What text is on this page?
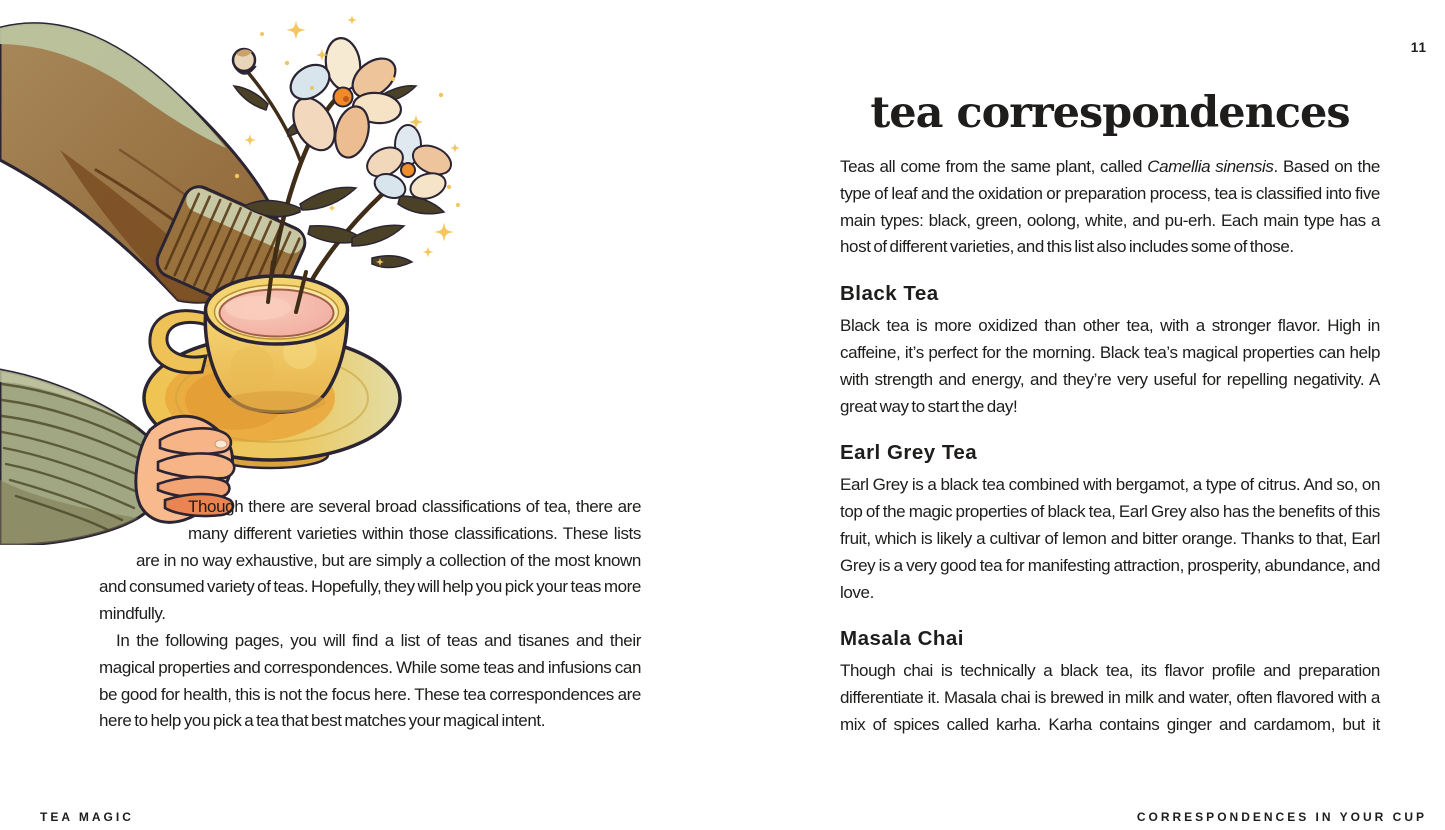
Though there are several broad classifications of tea, there are many different varieties within those classifications. These lists are in no way exhaustive, but are simply a collection of the most known and consumed variety of teas. Hopefully, they will help you pick your teas more mindfully.

In the following pages, you will find a list of teas and tisanes and their magical properties and correspondences. While some teas and infusions can be good for health, this is not the focus here. These tea correspondences are here to help you pick a tea that best matches your magical intent.

TEA MAGIC
11
tea correspondences

Teas all come from the same plant, called Camellia sinensis. Based on the type of leaf and the oxidation or preparation process, tea is classified into five main types: black, green, oolong, white, and pu-erh. Each main type has a host of different varieties, and this list also includes some of those.

Black Tea

Black tea is more oxidized than other tea, with a stronger flavor. High in caffeine, it’s perfect for the morning. Black tea’s magical properties can help with strength and energy, and they’re very useful for repelling negativity. A great way to start the day!

Earl Grey Tea

Earl Grey is a black tea combined with bergamot, a type of citrus. And so, on top of the magic properties of black tea, Earl Grey also has the benefits of this fruit, which is likely a cultivar of lemon and bitter orange. Thanks to that, Earl Grey is a very good tea for manifesting attraction, prosperity, abundance, and love.

Masala Chai

Though chai is technically a black tea, its flavor profile and preparation differentiate it. Masala chai is brewed in milk and water, often flavored with a mix of spices called karha. Karha contains ginger and cardamom, but it

CORRESPONDENCES IN YOUR CUP
